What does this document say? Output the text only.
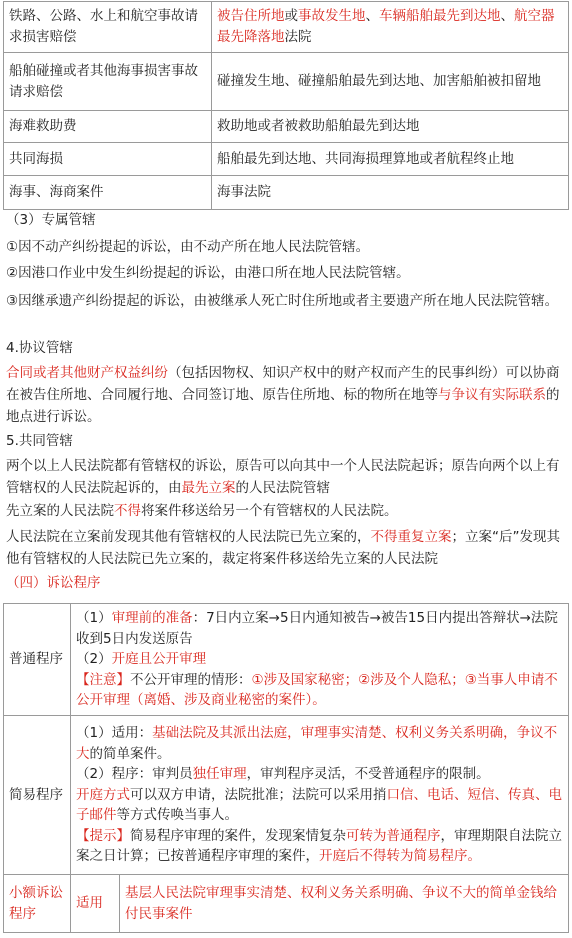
铁路、公路、水上和航空事故请求损害赔偿	被告住所地或事故发生地、车辆船舶最先到达地、航空器最先降落地法院
船舶碰撞或者其他海事损害事故请求赔偿	碰撞发生地、碰撞船舶最先到达地、加害船舶被扣留地
海难救助费	救助地或者被救助船舶最先到达地
共同海损	船舶最先到达地、共同海损理算地或者航程终止地
海事、海商案件	海事法院
（3）专属管辖
①因不动产纠纷提起的诉讼，由不动产所在地人民法院管辖。
②因港口作业中发生纠纷提起的诉讼，由港口所在地人民法院管辖。
③因继承遗产纠纷提起的诉讼，由被继承人死亡时住所地或者主要遗产所在地人民法院管辖。
4.协议管辖
合同或者其他财产权益纠纷（包括因物权、知识产权中的财产权而产生的民事纠纷）可以协商在被告住所地、合同履行地、合同签订地、原告住所地、标的物所在地等与争议有实际联系的地点进行诉讼。
5.共同管辖
两个以上人民法院都有管辖权的诉讼，原告可以向其中一个人民法院起诉；原告向两个以上有管辖权的人民法院起诉的，由最先立案的人民法院管辖
先立案的人民法院不得将案件移送给另一个有管辖权的人民法院。
人民法院在立案前发现其他有管辖权的人民法院已先立案的，不得重复立案；立案“后”发现其他有管辖权的人民法院已先立案的，裁定将案件移送给先立案的人民法院
（四）诉讼程序
普通程序	（1）审理前的准备：7日内立案→5日内通知被告→被告15日内提出答辩状→法院收到5日内发送原告
（2）开庭且公开审理
【注意】不公开审理的情形：①涉及国家秘密；②涉及个人隐私；③当事人申请不公开审理（离婚、涉及商业秘密的案件）。	

简易程序	（1）适用：基础法院及其派出法庭，审理事实清楚、权利义务关系明确，争议不大的简单案件。
（2）程序：审判员独任审理，审判程序灵活，不受普通程序的限制。
开庭方式可以双方申请，法院批准；法院可以采用捎口信、电话、短信、传真、电子邮件等方式传唤当事人。
【提示】简易程序审理的案件，发现案情复杂可转为普通程序，审理期限自法院立案之日计算；已按普通程序审理的案件，开庭后不得转为简易程序。	

小额诉讼程序	适用	基层人民法院审理事实清楚、权利义务关系明确、争议不大的简单金钱给付民事案件
